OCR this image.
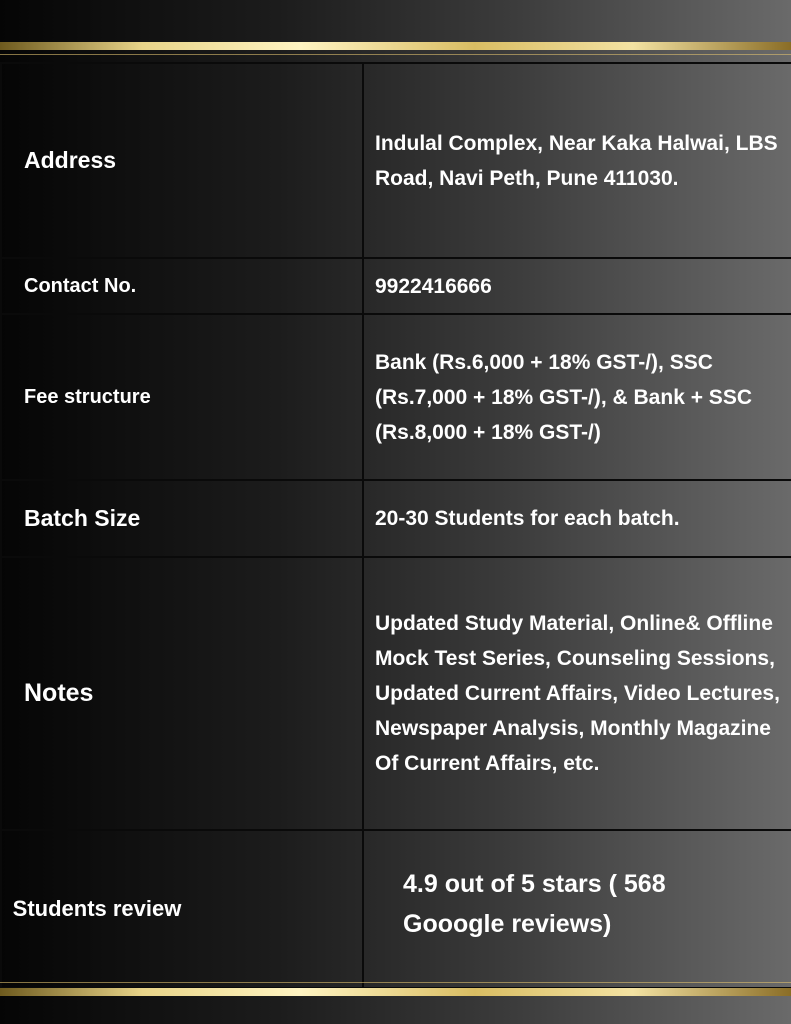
Address	Indulal Complex, Near Kaka Halwai, LBS Road, Navi Peth, Pune 411030.
Contact No.	9922416666
Fee structure	Bank (Rs.6,000 + 18% GST-/), SSC (Rs.7,000 + 18% GST-/), & Bank + SSC (Rs.8,000 + 18% GST-/)
Batch Size	20-30 Students for each batch.
Notes	Updated Study Material, Online& Offline Mock Test Series, Counseling Sessions, Updated Current Affairs, Video Lectures, Newspaper Analysis, Monthly Magazine Of Current Affairs, etc.

Students review	4.9 out of 5 stars ( 568 Gooogle reviews)
